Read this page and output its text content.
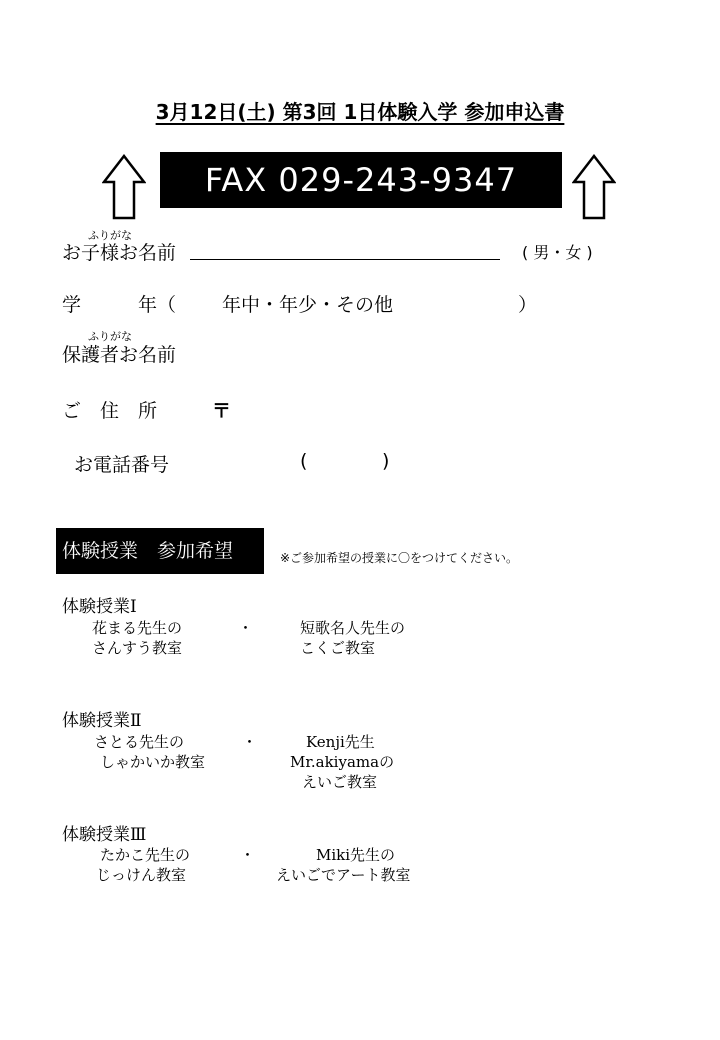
3月12日(土) 第3回 1日体験入学 参加申込書
FAX 029-243-9347
ふりがな
お子様お名前	( 男・女 )
学　　　年（ 年中・年少・その他	）
ふりがな
保護者お名前
ご　住　所	〒
お電話番号	(	)
体験授業　参加希望	※ご参加希望の授業に〇をつけてください。
体験授業Ⅰ
花まる先生の
さんすう教室
・	短歌名人先生の
こくご教室
体験授業Ⅱ
さとる先生の
しゃかいか教室
・	Kenji先生
Mr.akiyamaの
えいご教室
体験授業Ⅲ
たかこ先生の
じっけん教室
・	Miki先生の
えいごでアート教室
